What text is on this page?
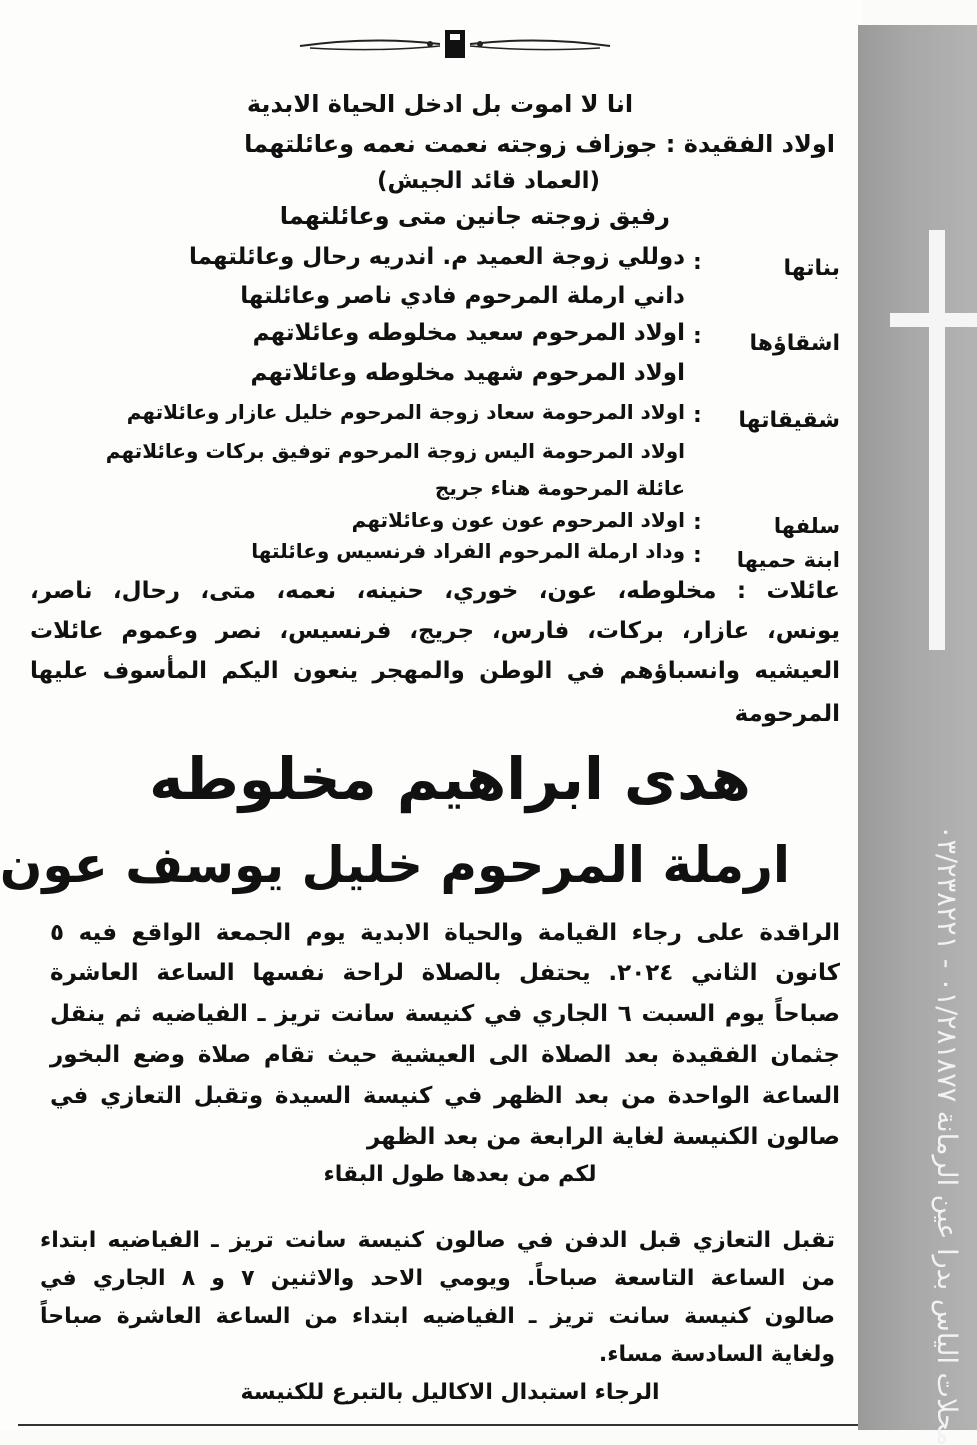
محلات الياس بدرا عين الرمانة ٠١/٢٨١٨٧٧ - ٠٣/٢٣٨٢٢١
انا لا اموت بل ادخل الحياة الابدية
اولاد الفقيدة : جوزاف زوجته نعمت نعمه وعائلتهما
(العماد قائد الجيش)
رفيق زوجته جانين متى وعائلتهما
بناتها
:
دوللي زوجة العميد م. اندريه رحال وعائلتهما
داني ارملة المرحوم فادي ناصر وعائلتها
اشقاؤها
:
اولاد المرحوم سعيد مخلوطه وعائلاتهم
اولاد المرحوم شهيد مخلوطه وعائلاتهم
شقيقاتها
:
اولاد المرحومة سعاد زوجة المرحوم خليل عازار وعائلاتهم
اولاد المرحومة اليس زوجة المرحوم توفيق بركات وعائلاتهم
عائلة المرحومة هناء جريج
سلفها
:
اولاد المرحوم عون عون وعائلاتهم
ابنة حميها
:
وداد ارملة المرحوم الفراد فرنسيس وعائلتها
عائلات : مخلوطه، عون، خوري، حنينه، نعمه، متى، رحال، ناصر،
يونس، عازار، بركات، فارس، جريج، فرنسيس، نصر وعموم عائلات
العيشيه وانسباؤهم في الوطن والمهجر ينعون اليكم المأسوف عليها
المرحومة
هدى ابراهيم مخلوطه
ارملة المرحوم خليل يوسف عون
الراقدة على رجاء القيامة والحياة الابدية يوم الجمعة الواقع فيه ٥
كانون الثاني ٢٠٢٤. يحتفل بالصلاة لراحة نفسها الساعة العاشرة
صباحاً يوم السبت ٦ الجاري في كنيسة سانت تريز ـ الفياضيه ثم ينقل
جثمان الفقيدة بعد الصلاة الى العيشية حيث تقام صلاة وضع البخور
الساعة الواحدة من بعد الظهر في كنيسة السيدة وتقبل التعازي في
صالون الكنيسة لغاية الرابعة من بعد الظهر
لكم من بعدها طول البقاء
تقبل التعازي قبل الدفن في صالون كنيسة سانت تريز ـ الفياضيه ابتداء
من الساعة التاسعة صباحاً. ويومي الاحد والاثنين ٧ و ٨ الجاري في
صالون كنيسة سانت تريز ـ الفياضيه ابتداء من الساعة العاشرة صباحاً
ولغاية السادسة مساء.
الرجاء استبدال الاكاليل بالتبرع للكنيسة
